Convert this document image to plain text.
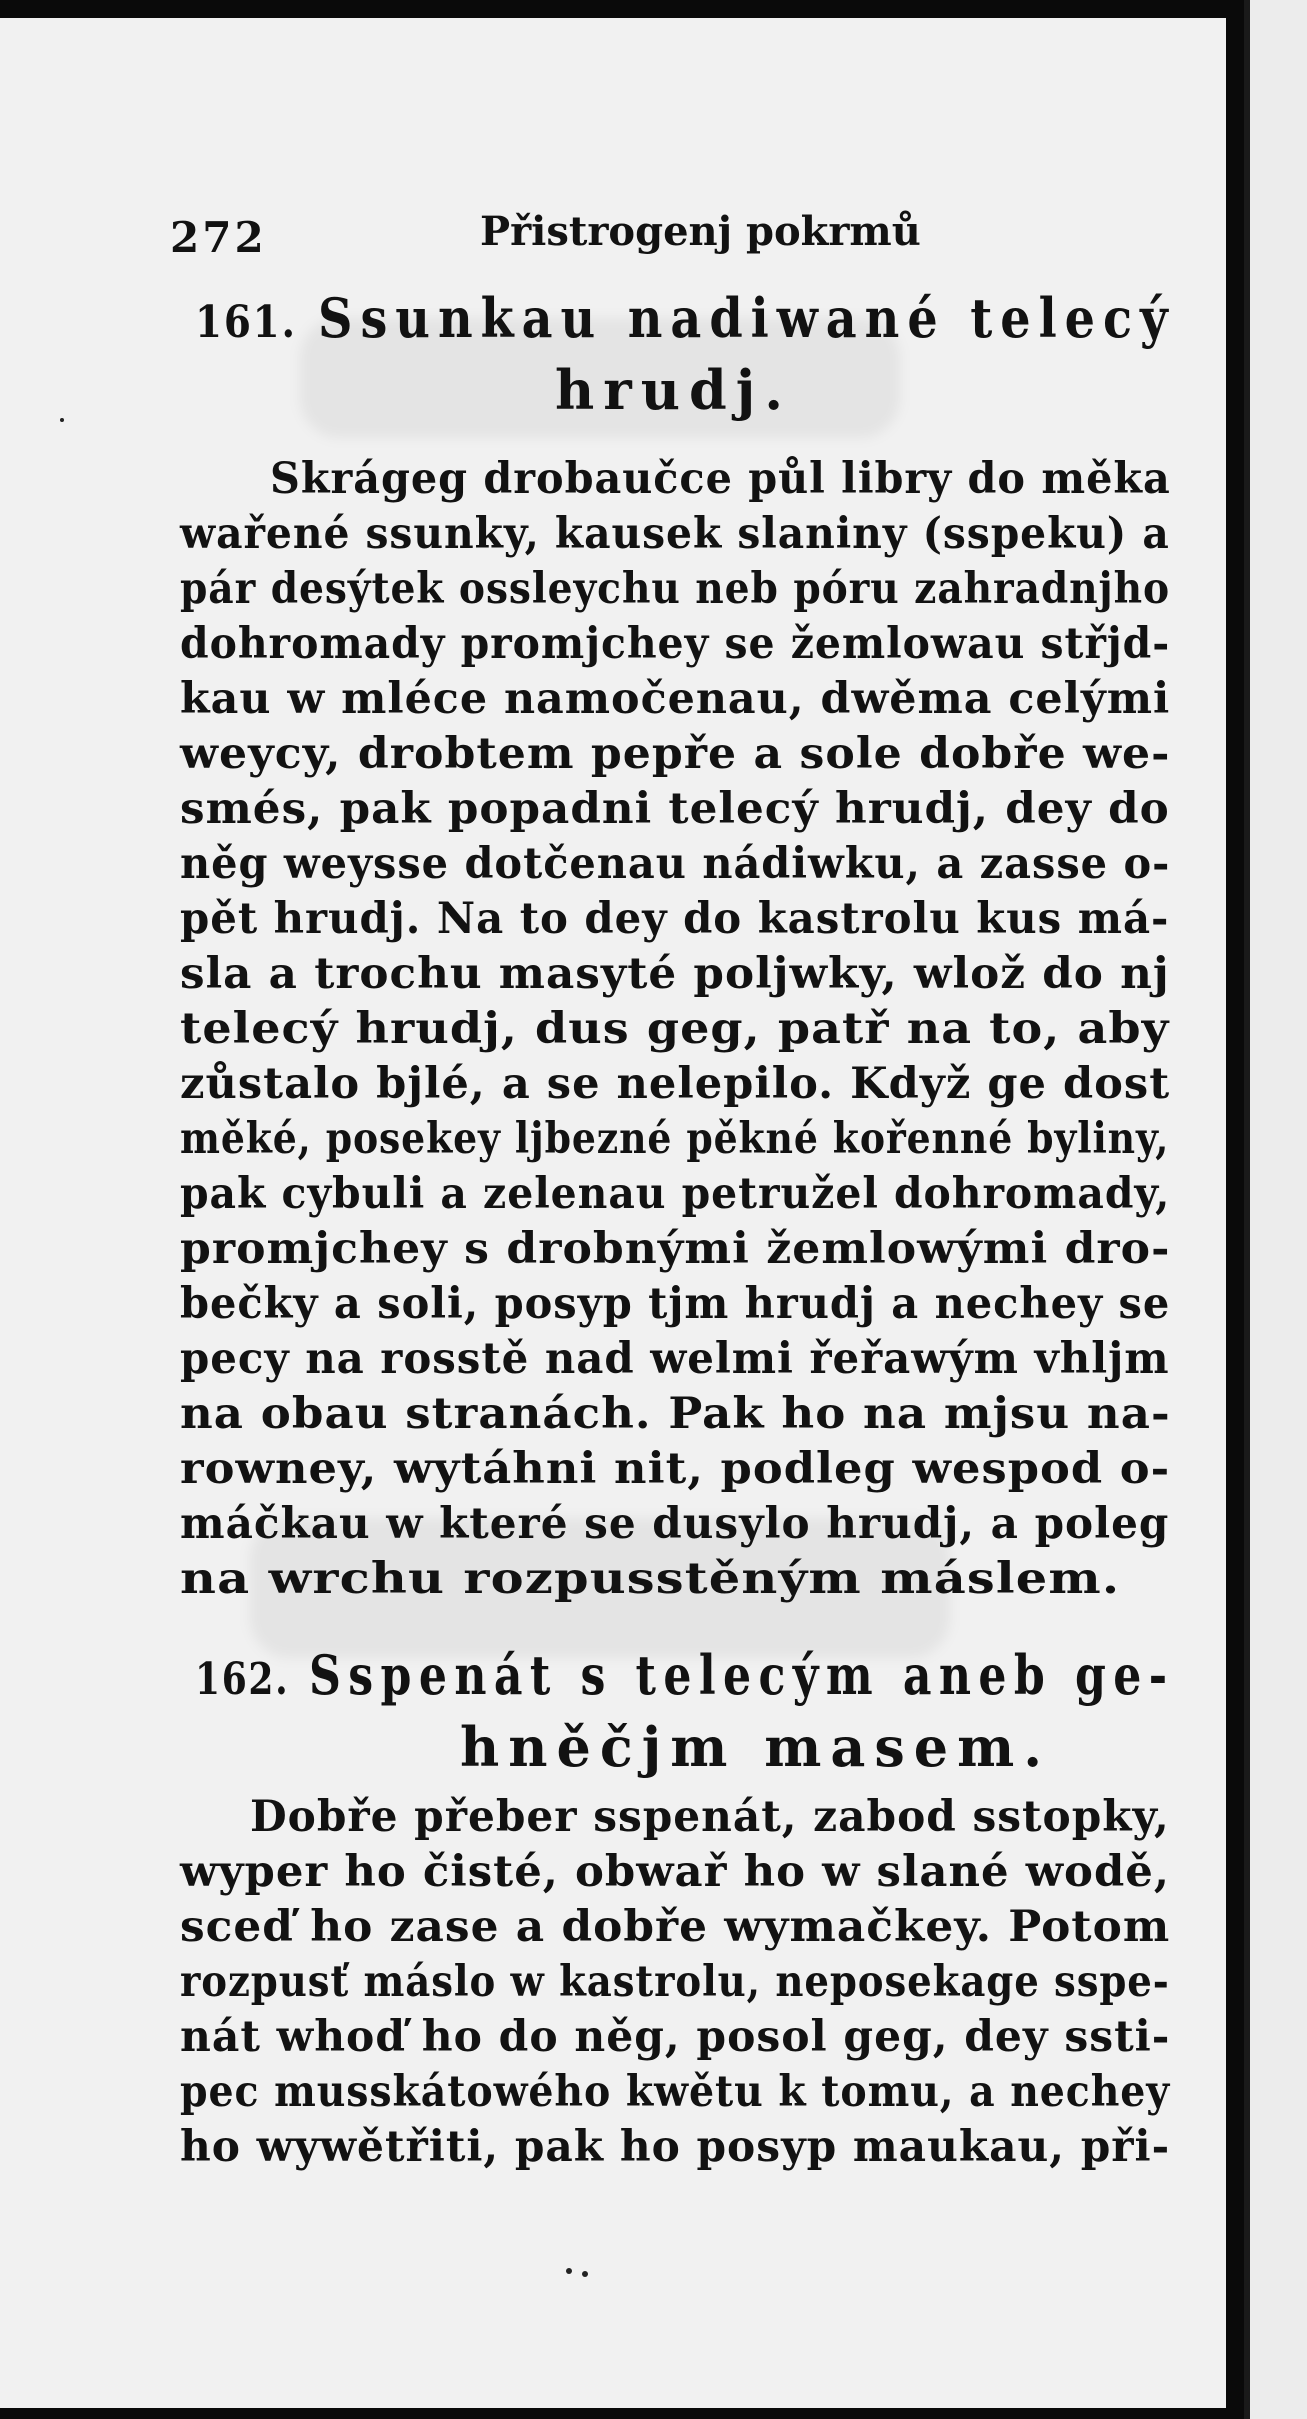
272	Přistrogenj pokrmů
161. Ssunkau nadiwané telecý
hrudj.
Skrágeg drobaučce půl libry do měka
wařené ssunky, kausek slaniny (sspeku) a
pár desýtek ossleychu neb póru zahradnjho
dohromady promjchey se žemlowau střjd-
kau w mléce namočenau, dwěma celými
weycy, drobtem pepře a sole dobře we-
smés, pak popadni telecý hrudj, dey do
něg weysse dotčenau nádiwku, a zasse o-
pět hrudj. Na to dey do kastrolu kus má-
sla a trochu masyté poljwky, wlož do nj
telecý hrudj, dus geg, patř na to, aby
zůstalo bjlé, a se nelepilo. Když ge dost
měké, posekey ljbezné pěkné kořenné byliny,
pak cybuli a zelenau petružel dohromady,
promjchey s drobnými žemlowými dro-
bečky a soli, posyp tjm hrudj a nechey se
pecy na rosstě nad welmi řeřawým vhljm
na obau stranách. Pak ho na mjsu na-
rowney, wytáhni nit, podleg wespod o-
máčkau w které se dusylo hrudj, a poleg
na wrchu rozpusstěným máslem.
162. Sspenát s telecým aneb ge-
hněčjm masem.
Dobře přeber sspenát, zabod sstopky,
wyper ho čisté, obwař ho w slané wodě,
sceď ho zase a dobře wymačkey. Potom
rozpusť máslo w kastrolu, neposekage sspe-
nát whoď ho do něg, posol geg, dey ssti-
pec musskátowého kwětu k tomu, a nechey
ho wywětřiti, pak ho posyp maukau, při-
